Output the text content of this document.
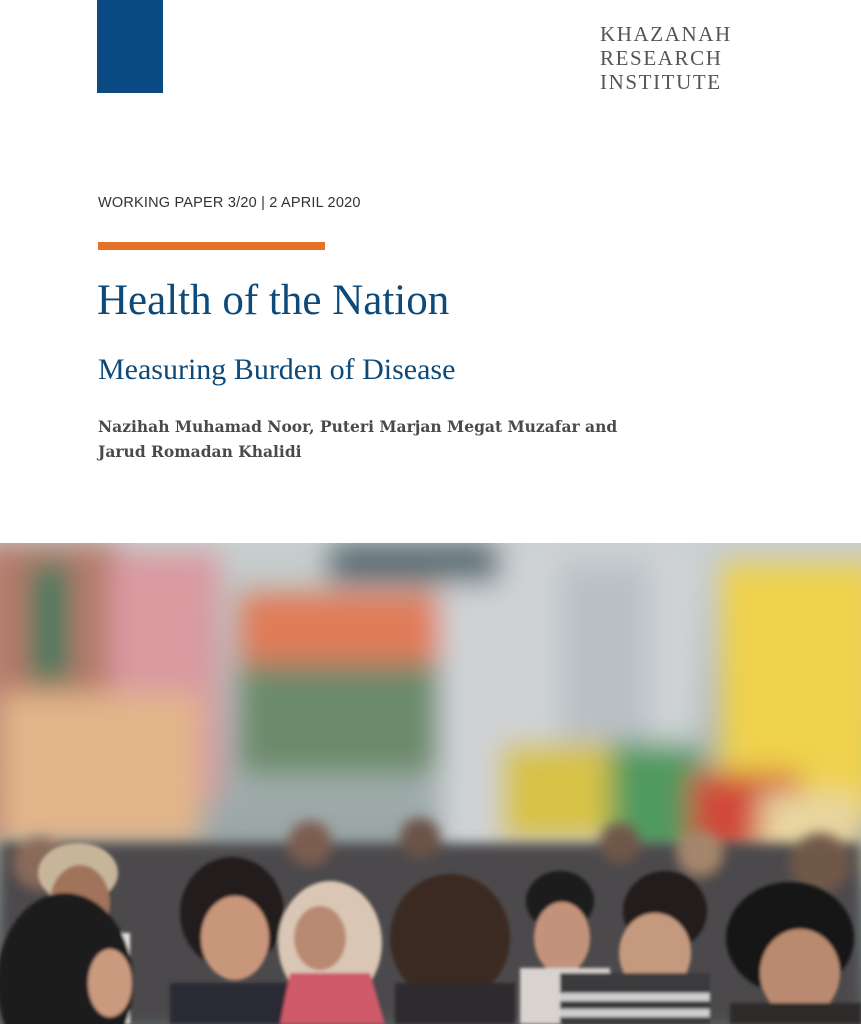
KHAZANAH
RESEARCH
INSTITUTE
WORKING PAPER 3/20 | 2 APRIL 2020
Health of the Nation
Measuring Burden of Disease
Nazihah Muhamad Noor, Puteri Marjan Megat Muzafar and
Jarud Romadan Khalidi
